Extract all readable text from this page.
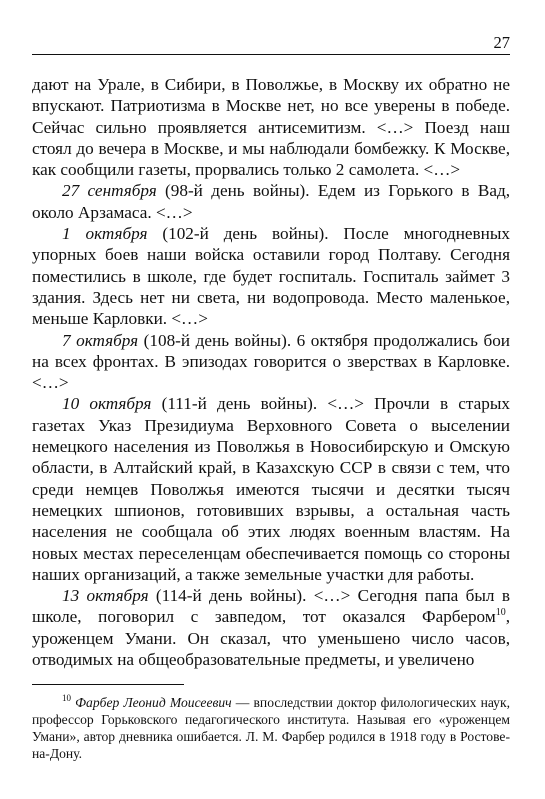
27

дают на Урале, в Сибири, в Поволжье, в Москву их обратно не впускают. Патриотизма в Москве нет, но все уверены в победе. Сейчас сильно проявляется антисемитизм. <…> Поезд наш стоял до вечера в Москве, и мы наблюдали бомбежку. К Москве, как сообщили газеты, прорвались только 2 самолета. <…>

27 сентября (98-й день войны). Едем из Горького в Вад, около Арзамаса. <…>

1 октября (102-й день войны). После многодневных упорных боев наши войска оставили город Полтаву. Сегодня поместились в школе, где будет госпиталь. Госпиталь займет 3 здания. Здесь нет ни света, ни водопровода. Место маленькое, меньше Карловки. <…>

7 октября (108-й день войны). 6 октября продолжались бои на всех фронтах. В эпизодах говорится о зверствах в Карловке. <…>

10 октября (111-й день войны). <…> Прочли в старых газетах Указ Президиума Верховного Совета о выселении немецкого населения из Поволжья в Новосибирскую и Омскую области, в Алтайский край, в Казахскую ССР в связи с тем, что среди немцев Поволжья имеются тысячи и десятки тысяч немецких шпионов, готовивших взрывы, а остальная часть населения не сообщала об этих людях военным властям. На новых местах переселенцам обеспечивается помощь со стороны наших организаций, а также земельные участки для работы.

13 октября (114-й день войны). <…> Сегодня папа был в школе, поговорил с завпедом, тот оказался Фарбером$^{10}$, уроженцем Умани. Он сказал, что уменьшено число часов, отводимых на общеобразовательные предметы, и увеличено

$^{10}$ Фарбер Леонид Моисеевич — впоследствии доктор филологических наук, профессор Горьковского педагогического института. Называя его «уроженцем Умани», автор дневника ошибается. Л. М. Фарбер родился в 1918 году в Ростове-на-Дону.
